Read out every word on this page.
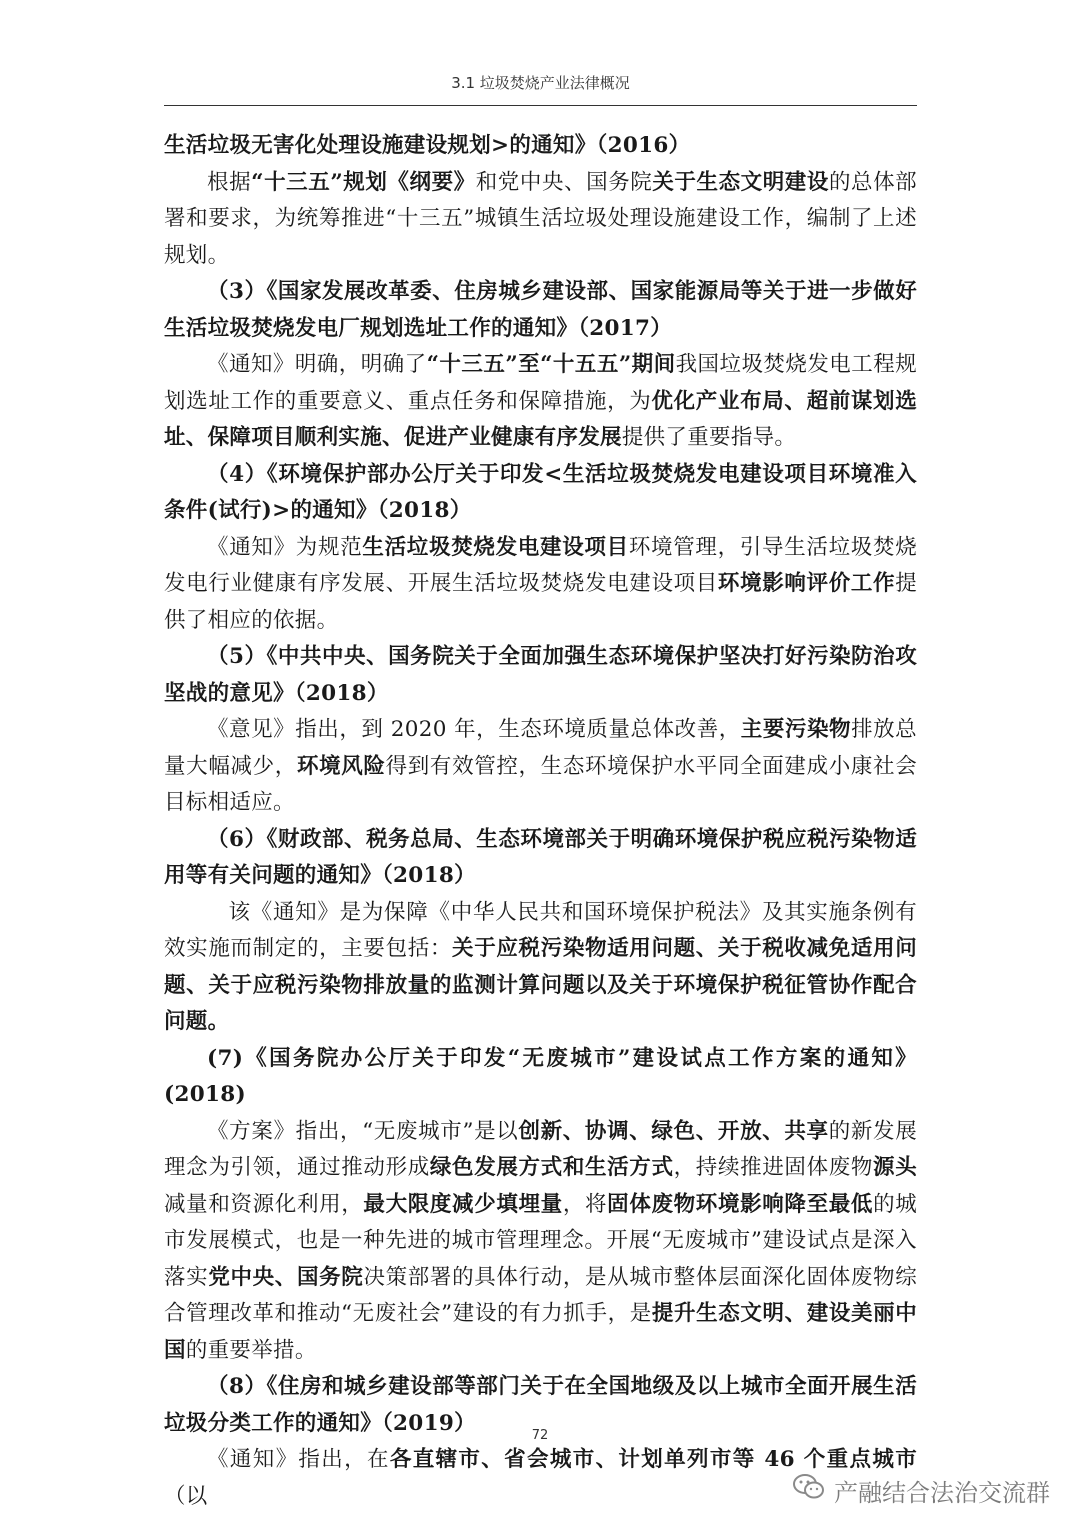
3.1 垃圾焚烧产业法律概况

生活垃圾无害化处理设施建设规划>的通知》（2016）

根据“十三五”规划《纲要》和党中央、国务院关于生态文明建设的总体部署和要求，为统筹推进“十三五”城镇生活垃圾处理设施建设工作，编制了上述规划。

（3）《国家发展改革委、住房城乡建设部、国家能源局等关于进一步做好生活垃圾焚烧发电厂规划选址工作的通知》（2017）

《通知》明确，明确了“十三五”至“十五五”期间我国垃圾焚烧发电工程规划选址工作的重要意义、重点任务和保障措施，为优化产业布局、超前谋划选址、保障项目顺利实施、促进产业健康有序发展提供了重要指导。

（4）《环境保护部办公厅关于印发<生活垃圾焚烧发电建设项目环境准入条件(试行)>的通知》（2018）

《通知》为规范生活垃圾焚烧发电建设项目环境管理，引导生活垃圾焚烧发电行业健康有序发展、开展生活垃圾焚烧发电建设项目环境影响评价工作提供了相应的依据。

（5）《中共中央、国务院关于全面加强生态环境保护坚决打好污染防治攻坚战的意见》（2018）

《意见》指出，到 2020 年，生态环境质量总体改善，主要污染物排放总量大幅减少，环境风险得到有效管控，生态环境保护水平同全面建成小康社会目标相适应。

（6）《财政部、税务总局、生态环境部关于明确环境保护税应税污染物适用等有关问题的通知》（2018）

该《通知》是为保障《中华人民共和国环境保护税法》及其实施条例有效实施而制定的，主要包括：关于应税污染物适用问题、关于税收减免适用问题、关于应税污染物排放量的监测计算问题以及关于环境保护税征管协作配合问题。

(7)《国务院办公厅关于印发“无废城市”建设试点工作方案的通知》(2018)

《方案》指出，“无废城市”是以创新、协调、绿色、开放、共享的新发展理念为引领，通过推动形成绿色发展方式和生活方式，持续推进固体废物源头减量和资源化利用，最大限度减少填埋量，将固体废物环境影响降至最低的城市发展模式，也是一种先进的城市管理理念。开展“无废城市”建设试点是深入落实党中央、国务院决策部署的具体行动，是从城市整体层面深化固体废物综合管理改革和推动“无废社会”建设的有力抓手，是提升生态文明、建设美丽中国的重要举措。

（8）《住房和城乡建设部等部门关于在全国地级及以上城市全面开展生活垃圾分类工作的通知》（2019）

《通知》指出，在各直辖市、省会城市、计划单列市等 46 个重点城市（以

72
产融结合法治交流群
